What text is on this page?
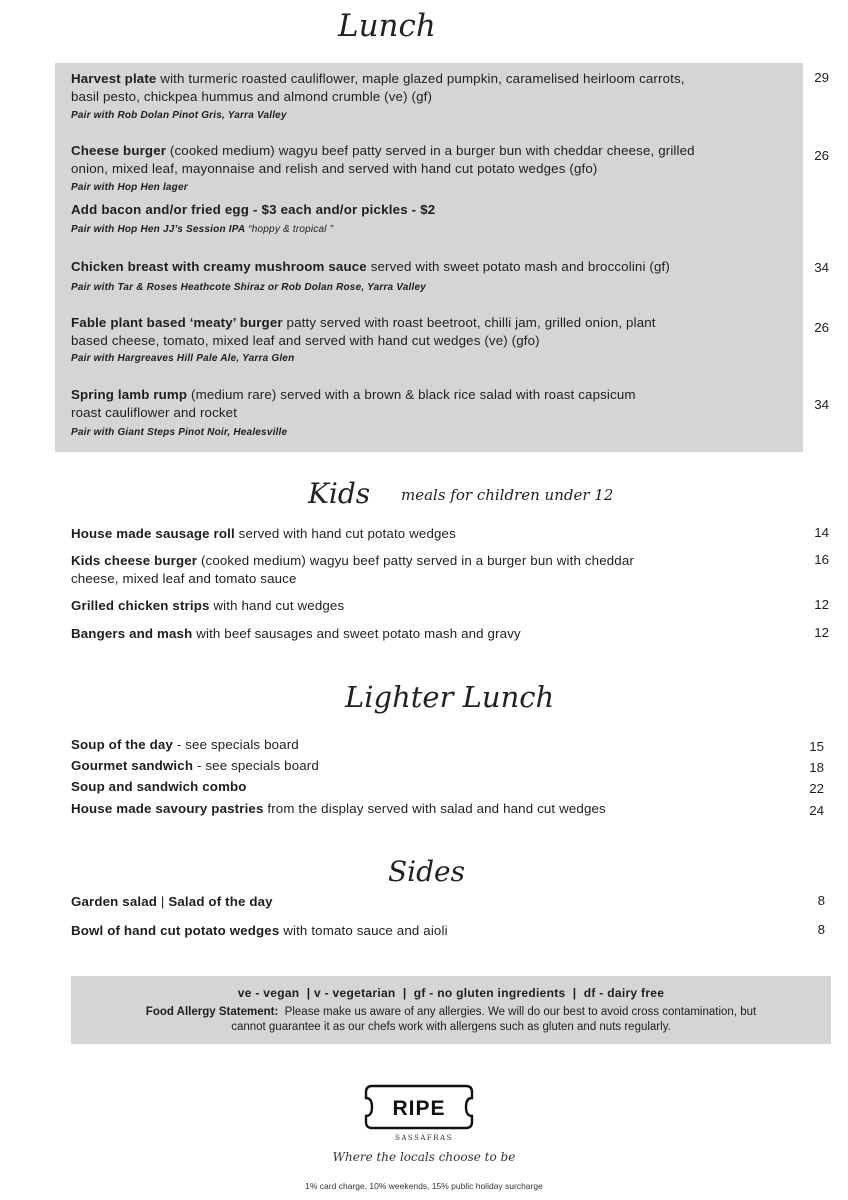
Lunch
Harvest plate with turmeric roasted cauliflower, maple glazed pumpkin, caramelised heirloom carrots,
basil pesto, chickpea hummus and almond crumble (ve) (gf)
Pair with Rob Dolan Pinot Gris, Yarra Valley
29
Cheese burger (cooked medium) wagyu beef patty served in a burger bun with cheddar cheese, grilled
onion, mixed leaf, mayonnaise and relish and served with hand cut potato wedges (gfo)
Pair with Hop Hen lager
26
Add bacon and/or fried egg - $3 each and/or pickles - $2
Pair with Hop Hen JJ’s Session IPA “hoppy & tropical ”
Chicken breast with creamy mushroom sauce served with sweet potato mash and broccolini (gf)
Pair with Tar & Roses Heathcote Shiraz or Rob Dolan Rose, Yarra Valley
34
Fable plant based ‘meaty’ burger patty served with roast beetroot, chilli jam, grilled onion, plant
based cheese, tomato, mixed leaf and served with hand cut wedges (ve) (gfo)
Pair with Hargreaves Hill Pale Ale, Yarra Glen
26
Spring lamb rump (medium rare) served with a brown & black rice salad with roast capsicum
roast cauliflower and rocket
Pair with Giant Steps Pinot Noir, Healesville
34
Kids meals for children under 12
House made sausage roll served with hand cut potato wedges	14
Kids cheese burger (cooked medium) wagyu beef patty served in a burger bun with cheddar
cheese, mixed leaf and tomato sauce
16
Grilled chicken strips with hand cut wedges	12
Bangers and mash with beef sausages and sweet potato mash and gravy	12
Lighter Lunch
Soup of the day - see specials board	15
Gourmet sandwich - see specials board	18
Soup and sandwich combo	22
House made savoury pastries from the display served with salad and hand cut wedges	24
Sides
Garden salad | Salad of the day	8
Bowl of hand cut potato wedges with tomato sauce and aioli	8
ve - vegan  | v - vegetarian  |  gf - no gluten ingredients  |  df - dairy free
Food Allergy Statement:  Please make us aware of any allergies. We will do our best to avoid cross contamination, but
cannot guarantee it as our chefs work with allergens such as gluten and nuts regularly.
RIPE
SASSAFRAS
Where the locals choose to be
1% card charge, 10% weekends, 15% public holiday surcharge
